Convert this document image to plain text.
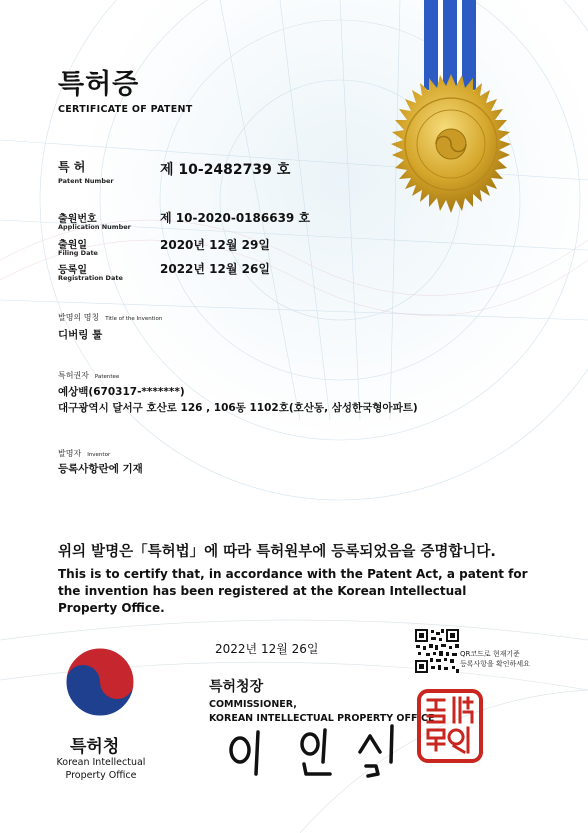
특허증
CERTIFICATE OF PATENT
특 허
Patent Number
제 10-2482739 호
출원번호
Application Number
제 10-2020-0186639 호
출원일
Filing Date
2020년 12월 29일
등록일
Registration Date
2022년 12월 26일
발명의 명칭 Title of the Invention
디버링 툴
특허권자 Patentee
예상백(670317-*******)
대구광역시 달서구 호산로 126 , 106동 1102호(호산동, 삼성한국형아파트)
발명자 Inventor
등록사항란에 기재
위의 발명은「특허법」에 따라 특허원부에 등록되었음을 증명합니다.
This is to certify that, in accordance with the Patent Act, a patent for the invention has been registered at the Korean Intellectual Property Office.
2022년 12월 26일	QR코드로 현재기준
등록사항을 확인하세요
특허청장
COMMISSIONER,
KOREAN INTELLECTUAL PROPERTY OFFICE
특허청
Korean Intellectual
Property Office
